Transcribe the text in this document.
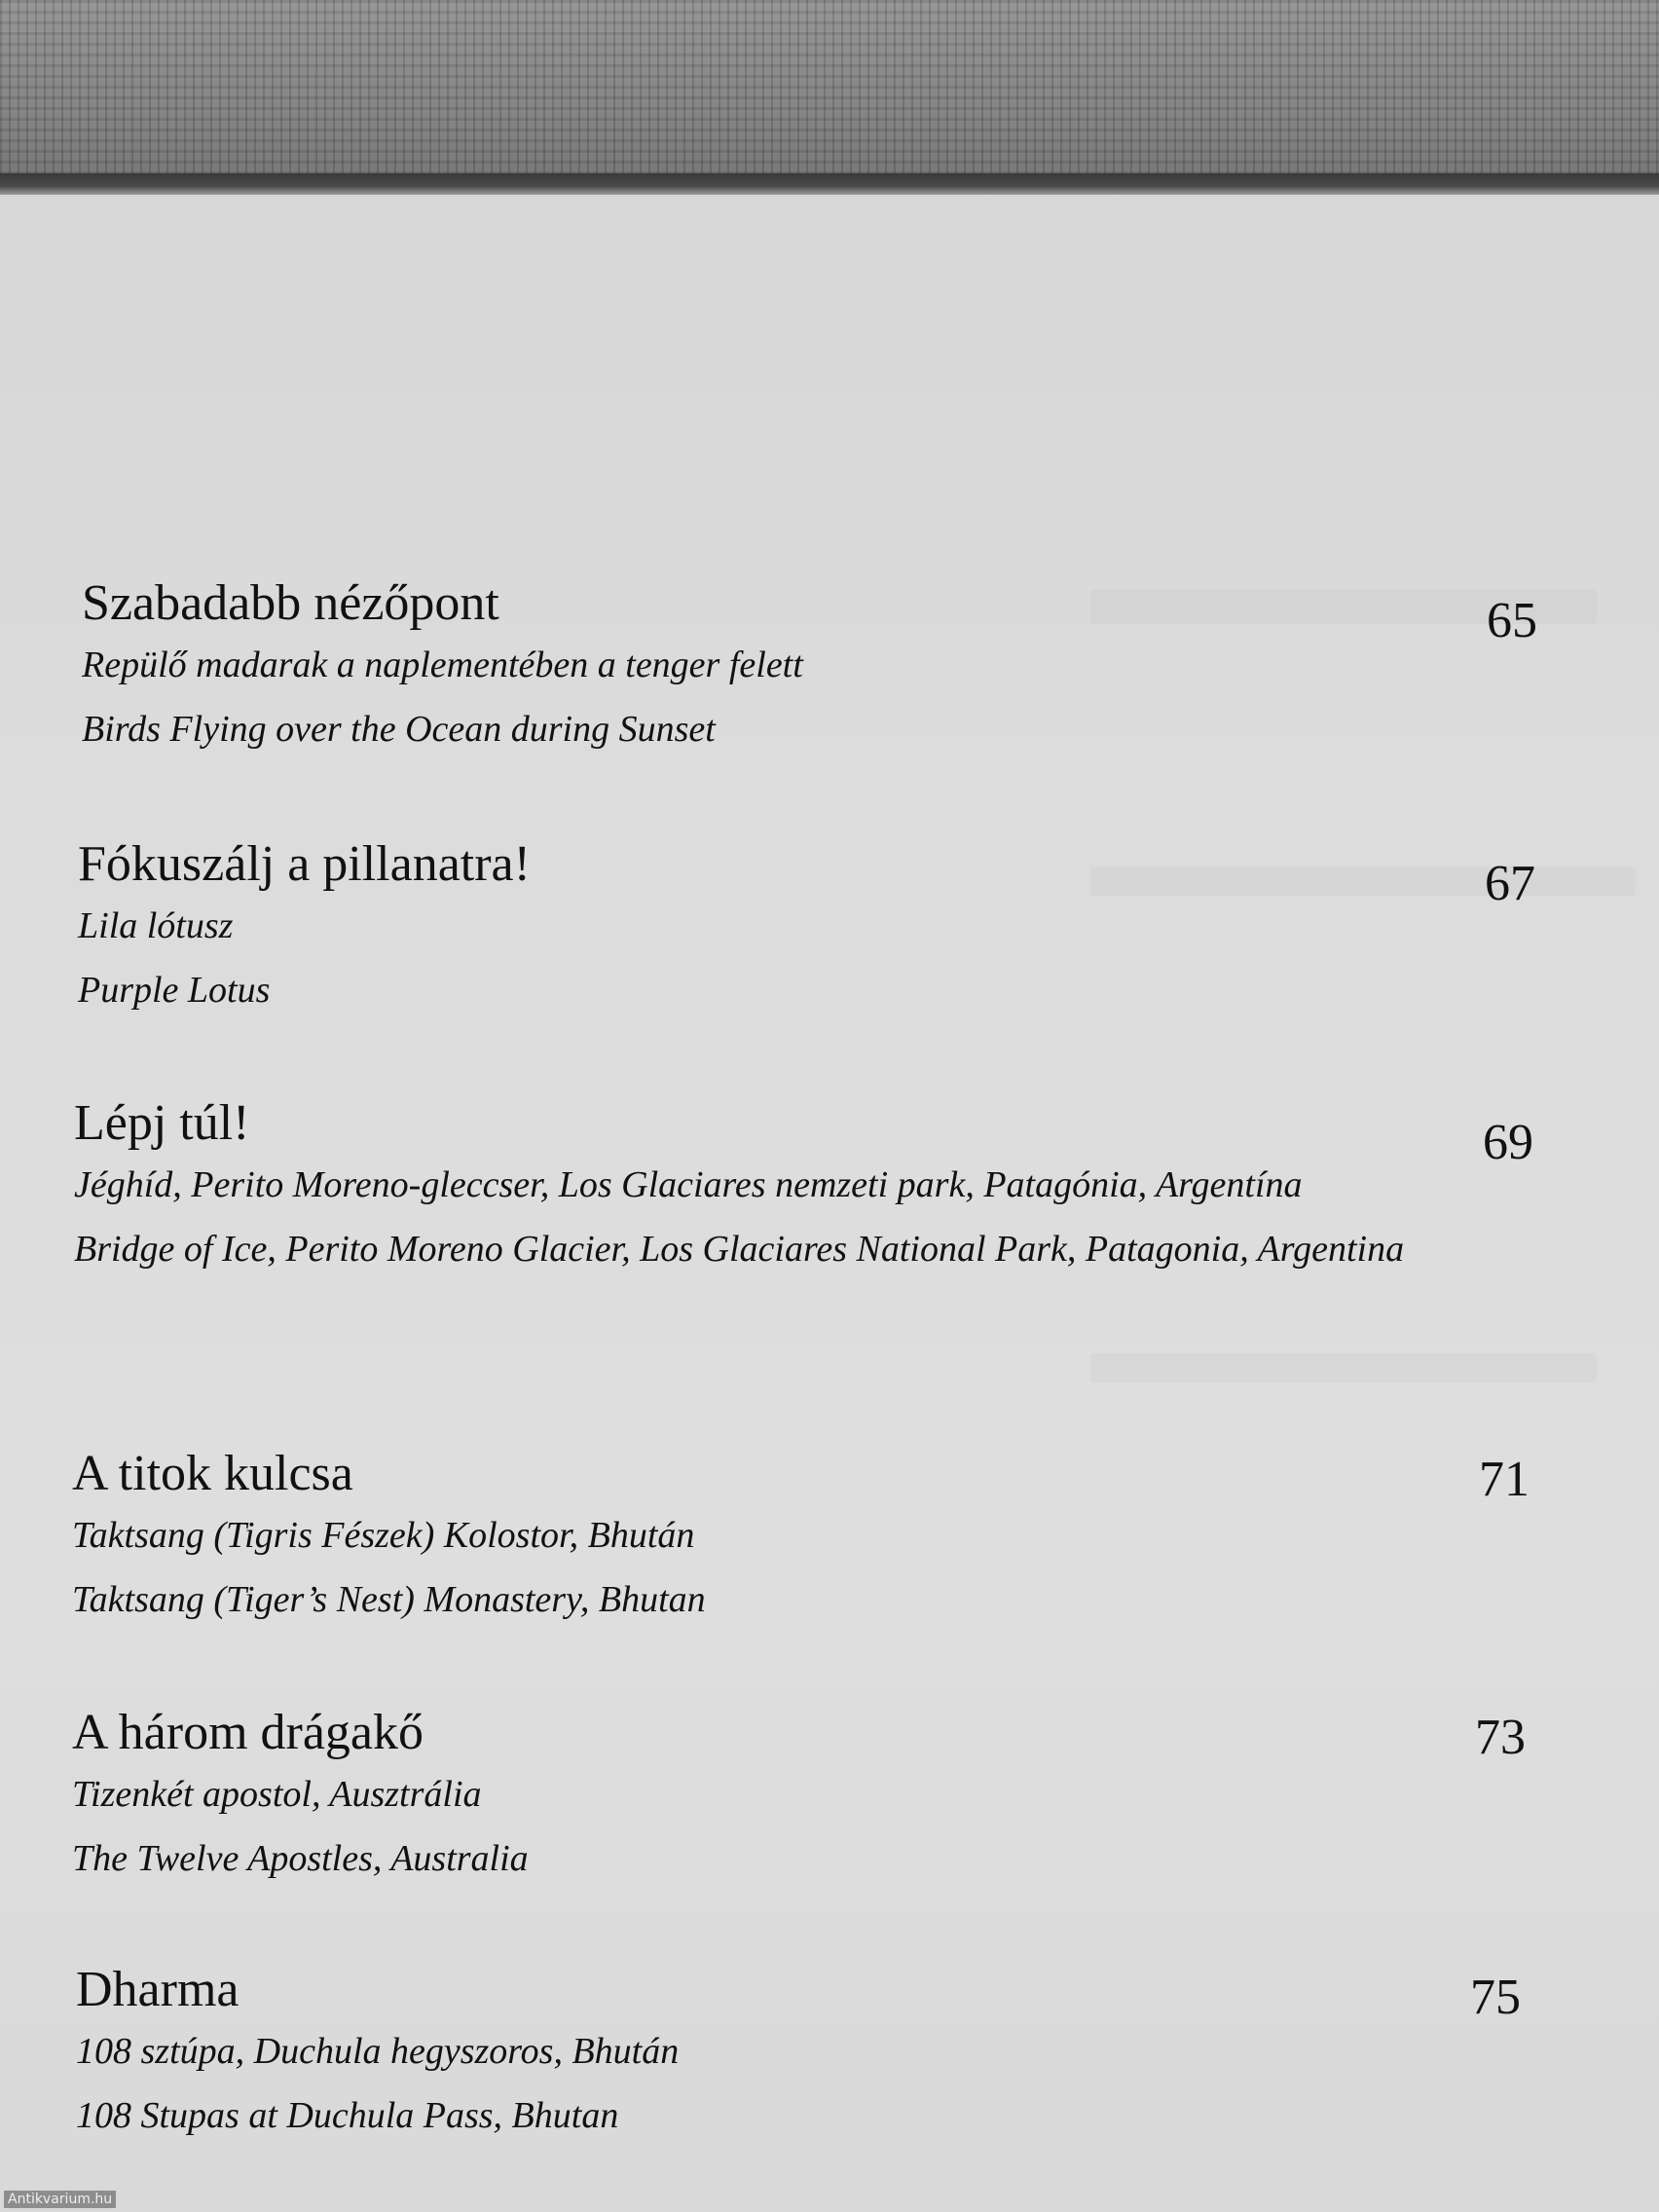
Szabadabb nézőpont
Repülő madarak a naplementében a tenger felett
Birds Flying over the Ocean during Sunset
65
Fókuszálj a pillanatra!
Lila lótusz
Purple Lotus
67
Lépj túl!
Jéghíd, Perito Moreno-gleccser, Los Glaciares nemzeti park, Patagónia, Argentína
Bridge of Ice, Perito Moreno Glacier, Los Glaciares National Park, Patagonia, Argentina
69
A titok kulcsa
Taktsang (Tigris Fészek) Kolostor, Bhután
Taktsang (Tiger’s Nest) Monastery, Bhutan
71
A három drágakő
Tizenkét apostol, Ausztrália
The Twelve Apostles, Australia
73
Dharma
108 sztúpa, Duchula hegyszoros, Bhután
108 Stupas at Duchula Pass, Bhutan
75
Antikvarium.hu
